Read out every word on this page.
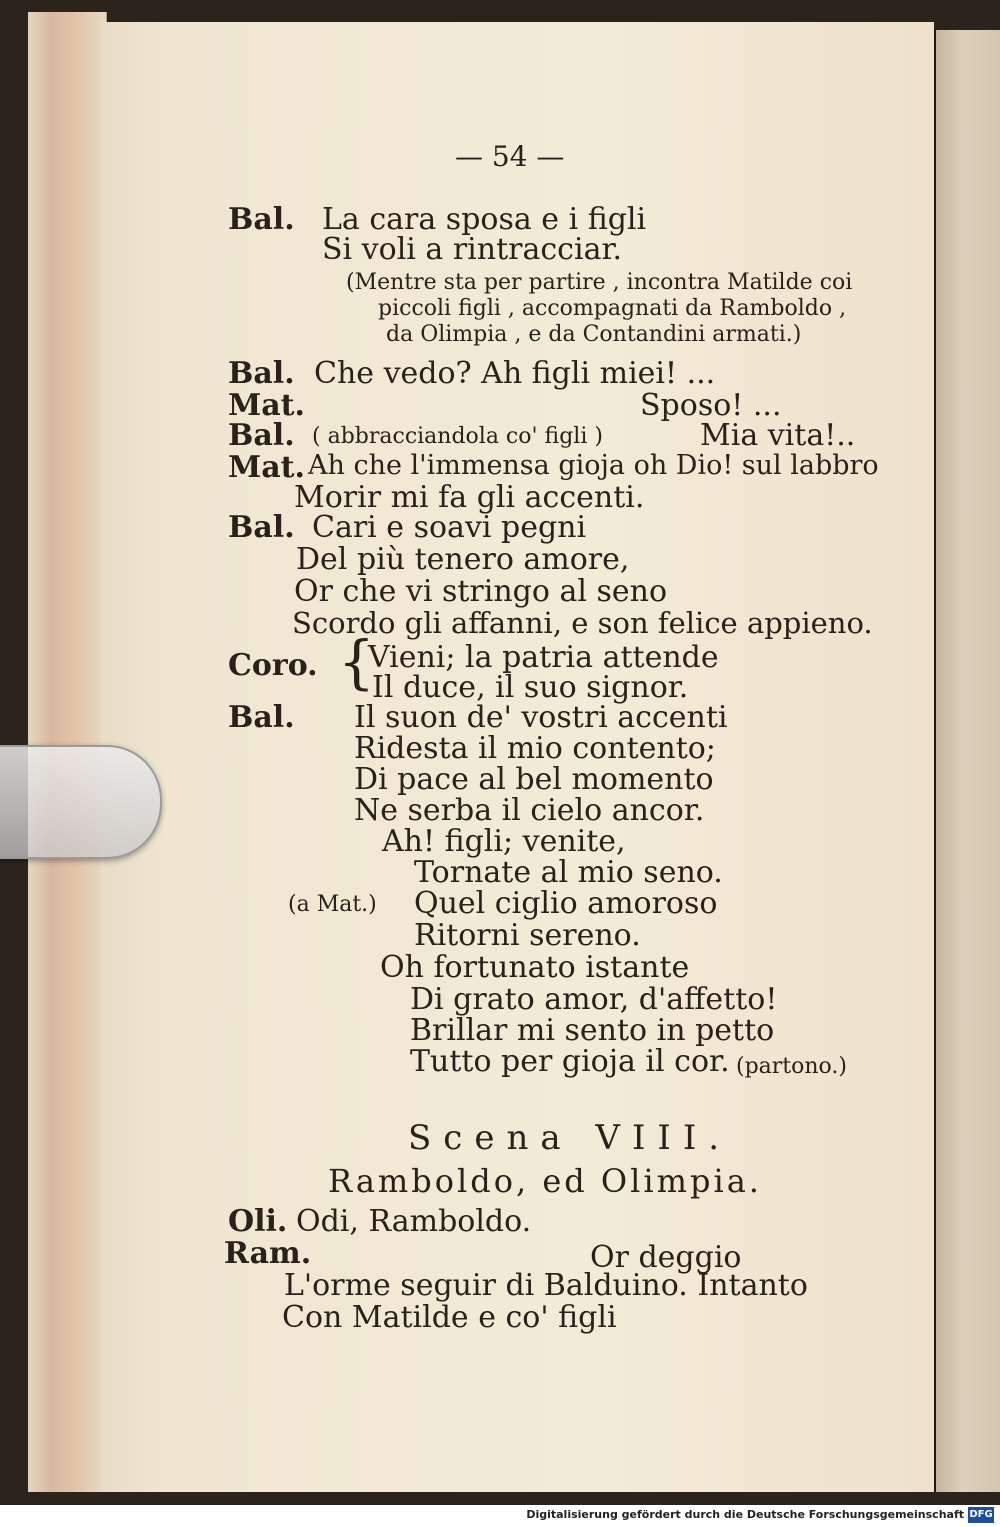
— 54 —
Bal. La cara sposa e i figli
Si voli a rintracciar.
(Mentre sta per partire , incontra Matilde coi
piccoli figli , accompagnati da Ramboldo ,
da Olimpia , e da Contandini armati.)
Bal. Che vedo? Ah figli miei! ...
Mat.	Sposo! ...
Bal. ( abbracciandola co' figli )	Mia vita!..
Mat. Ah che l'immensa gioja oh Dio! sul labbro
Morir mi fa gli accenti.
Bal. Cari e soavi pegni
Del più tenero amore,
Or che vi stringo al seno
Scordo gli affanni, e son felice appieno.
Coro. {
Vieni; la patria attende
Il duce, il suo signor.
Bal. Il suon de' vostri accenti
Ridesta il mio contento;
Di pace al bel momento
Ne serba il cielo ancor.
Ah! figli; venite,
Tornate al mio seno.
(a Mat.) Quel ciglio amoroso
Ritorni sereno.
Oh fortunato istante
Di grato amor, d'affetto!
Brillar mi sento in petto
Tutto per gioja il cor. (partono.)
Scena VIII.
Ramboldo, ed Olimpia.
Oli. Odi, Ramboldo.
Ram.	Or deggio
L'orme seguir di Balduino. Intanto
Con Matilde e co' figli
Digitalisierung gefördert durch die Deutsche Forschungsgemeinschaft DFG
